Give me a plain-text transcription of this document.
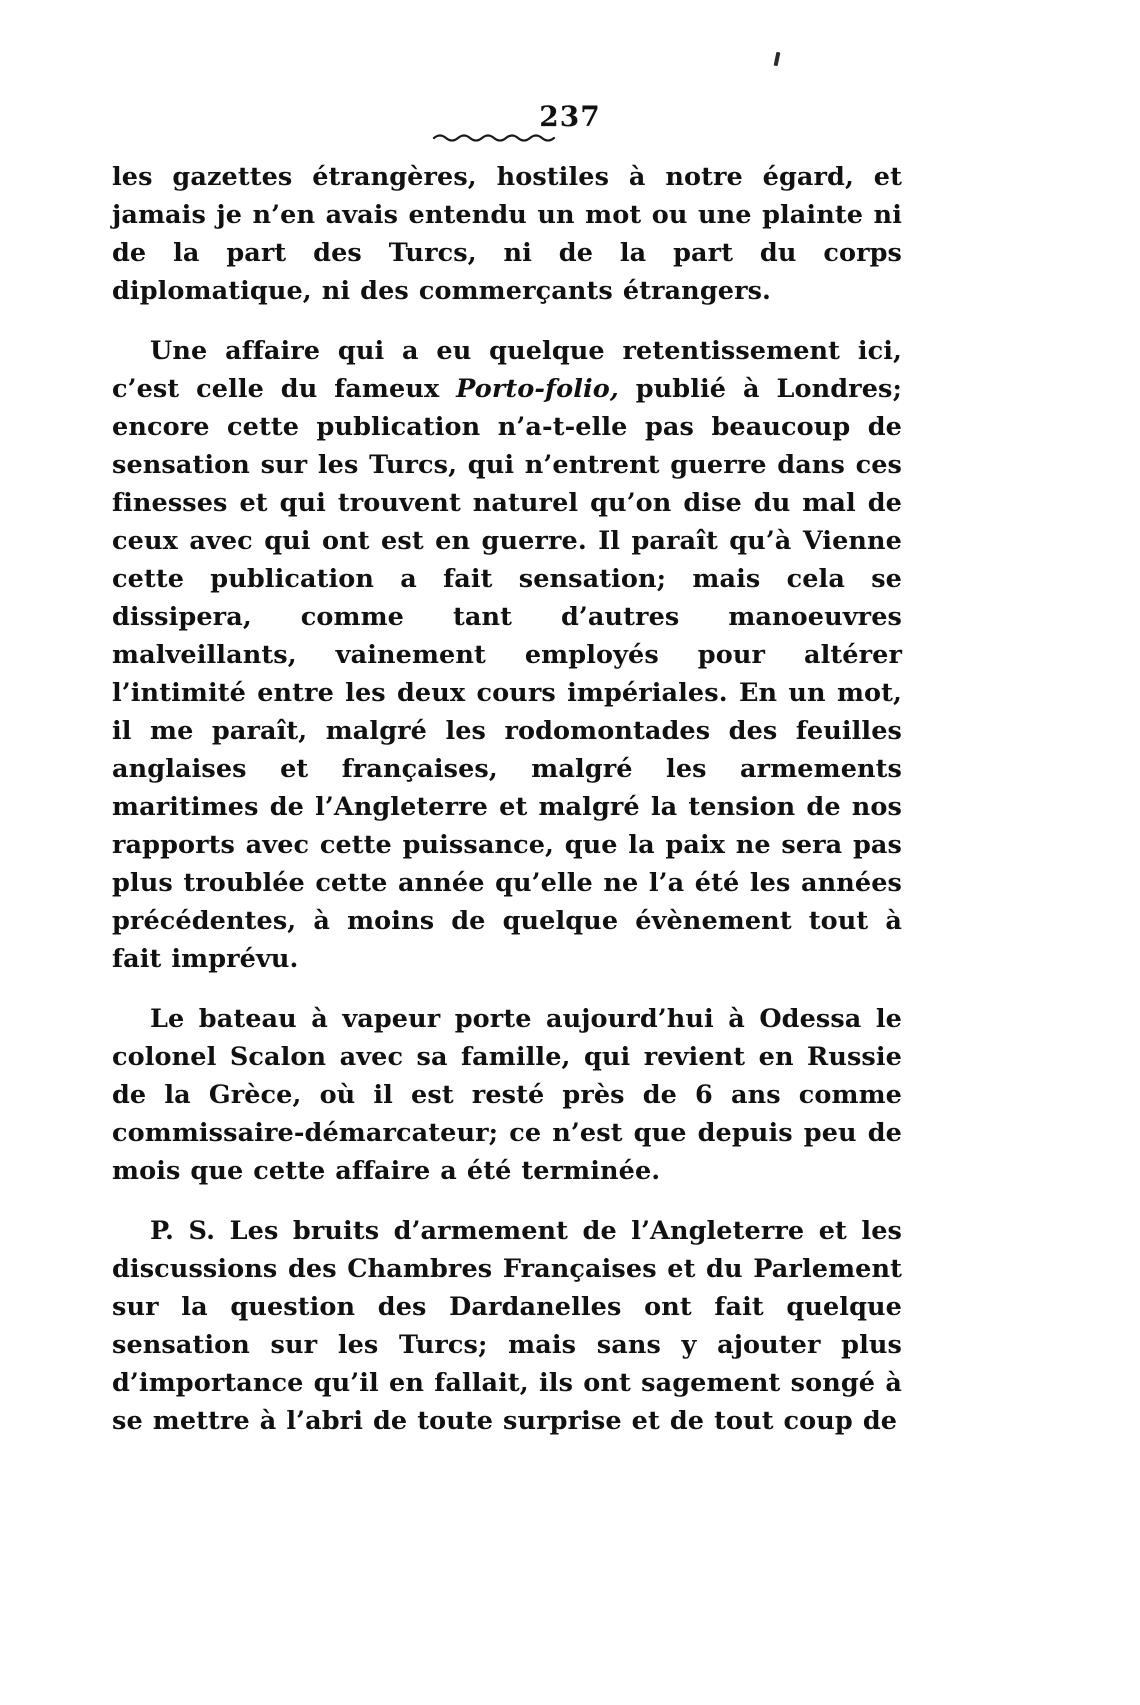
237

les gazettes étrangères, hostiles à notre égard, et jamais je n’en avais entendu un mot ou une plainte ni de la part des Turcs, ni de la part du corps diplomatique, ni des commerçants étrangers.

Une affaire qui a eu quelque retentissement ici, c’est celle du fameux Porto-folio, publié à Londres; encore cette publication n’a-t-elle pas beaucoup de sensation sur les Turcs, qui n’entrent guerre dans ces finesses et qui trouvent naturel qu’on dise du mal de ceux avec qui ont est en guerre. Il paraît qu’à Vienne cette publication a fait sensation; mais cela se dissipera, comme tant d’autres manoeuvres malveillants, vainement employés pour altérer l’intimité entre les deux cours impériales. En un mot, il me paraît, malgré les rodomontades des feuilles anglaises et françaises, malgré les armements maritimes de l’Angleterre et malgré la tension de nos rapports avec cette puissance, que la paix ne sera pas plus troublée cette année qu’elle ne l’a été les années précédentes, à moins de quelque évènement tout à fait imprévu.

Le bateau à vapeur porte aujourd’hui à Odessa le colonel Scalon avec sa famille, qui revient en Russie de la Grèce, où il est resté près de 6 ans comme commissaire-démarcateur; ce n’est que depuis peu de mois que cette affaire a été terminée.

P. S. Les bruits d’armement de l’Angleterre et les discussions des Chambres Françaises et du Parlement sur la question des Dardanelles ont fait quelque sensation sur les Turcs; mais sans y ajouter plus d’importance qu’il en fallait, ils ont sagement songé à se mettre à l’abri de toute surprise et de tout coup de
